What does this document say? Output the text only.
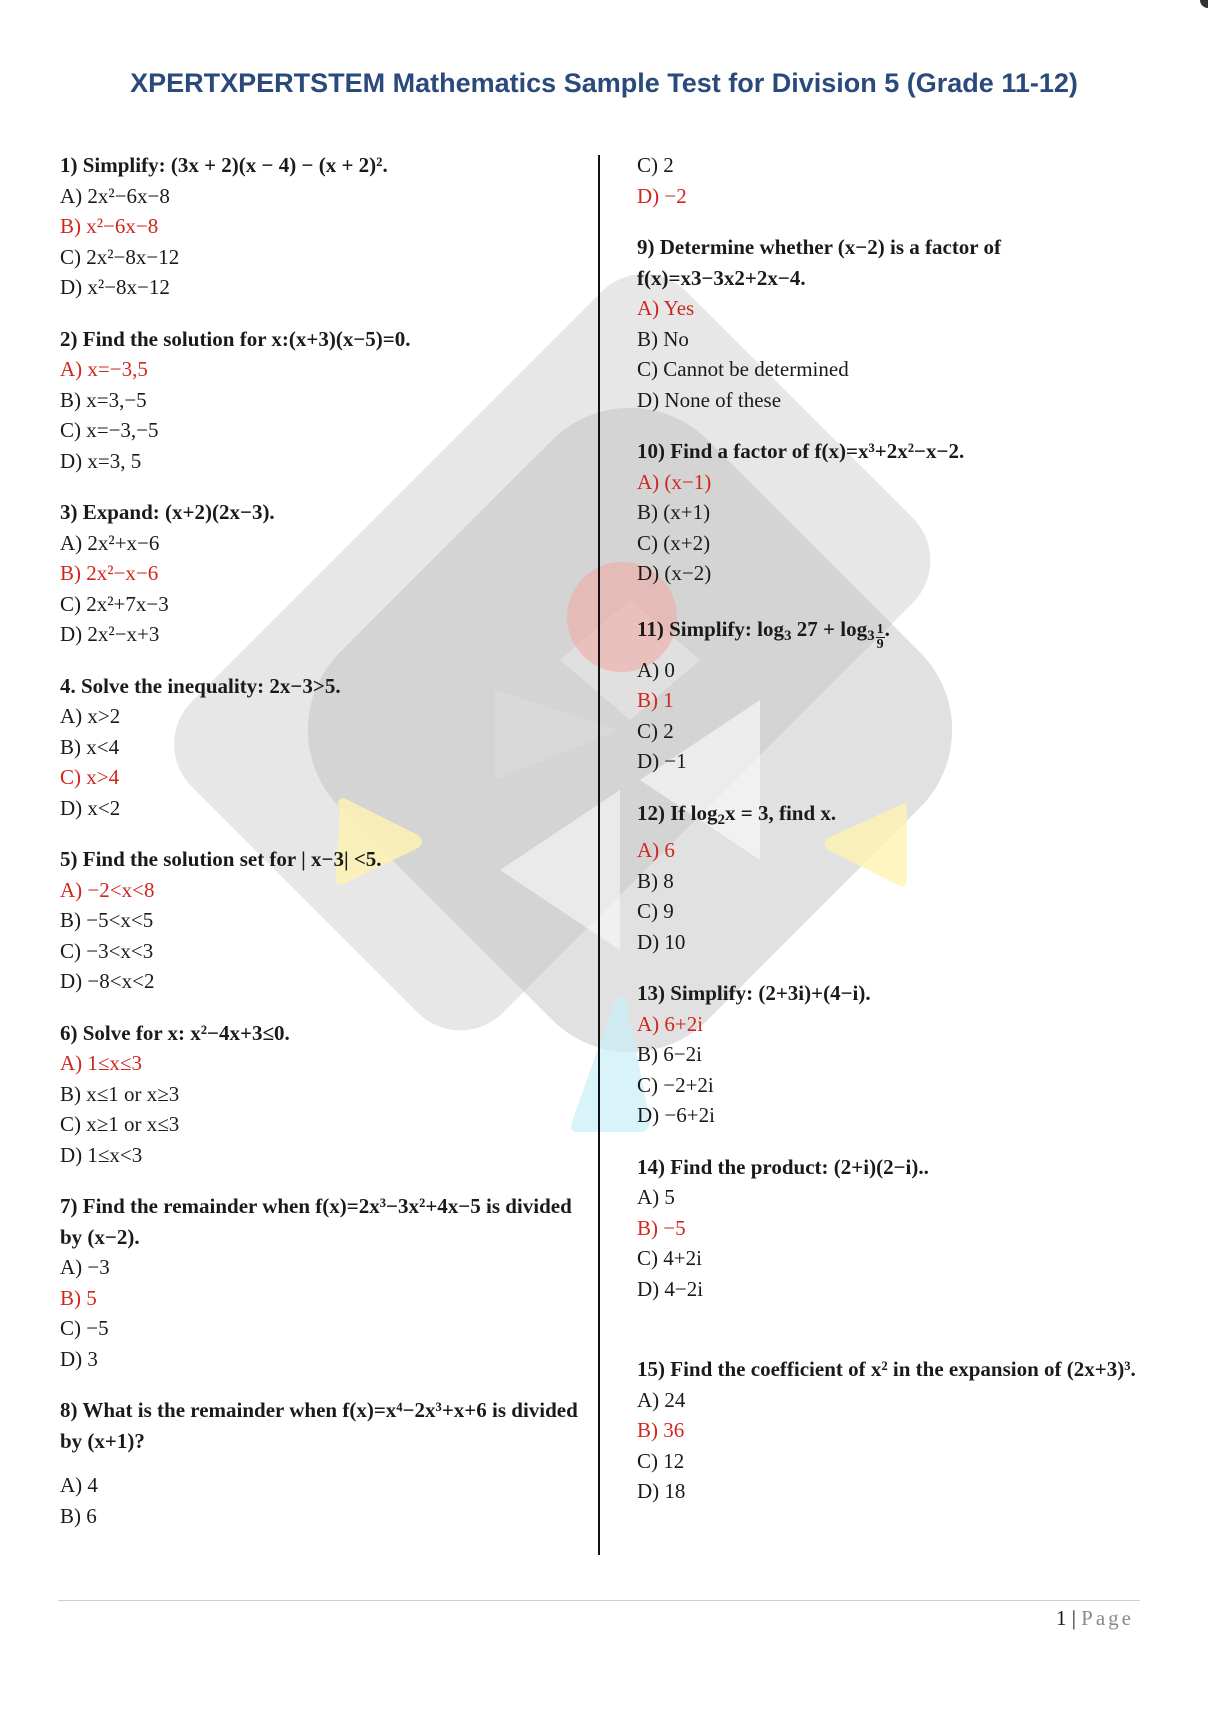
XPERTXPERTSTEM Mathematics Sample Test for Division 5 (Grade 11-12)
1) Simplify: (3x + 2)(x − 4) − (x + 2)².
A) 2x²−6x−8
B) x²−6x−8
C) 2x²−8x−12
D) x²−8x−12
2) Find the solution for x:(x+3)(x−5)=0.
A) x=−3,5
B) x=3,−5
C) x=−3,−5
D) x=3, 5
3) Expand: (x+2)(2x−3).
A) 2x²+x−6
B) 2x²−x−6
C) 2x²+7x−3
D) 2x²−x+3
4. Solve the inequality: 2x−3>5.
A) x>2
B) x<4
C) x>4
D) x<2
5) Find the solution set for | x−3| <5.
A) −2<x<8
B) −5<x<5
C) −3<x<3
D) −8<x<2
6) Solve for x: x²−4x+3≤0.
A) 1≤x≤3
B) x≤1 or x≥3
C) x≥1 or x≤3
D) 1≤x<3
7) Find the remainder when f(x)=2x³−3x²+4x−5 is divided by (x−2).
A) −3
B) 5
C) −5
D) 3
8) What is the remainder when f(x)=x⁴−2x³+x+6 is divided by (x+1)?
A) 4
B) 6
C) 2
D) −2
9) Determine whether (x−2) is a factor of f(x)=x3−3x2+2x−4.
A) Yes
B) No
C) Cannot be determined
D) None of these
10) Find a factor of f(x)=x³+2x²−x−2.
A) (x−1)
B) (x+1)
C) (x+2)
D) (x−2)
11) Simplify: $\log_3 27 + \log_3 \frac{1}{9}$ .
A) 0
B) 1
C) 2
D) −1
12) If $\log_2x = 3$, find x.
A) 6
B) 8
C) 9
D) 10
13) Simplify: (2+3i)+(4−i).
A) 6+2i
B) 6−2i
C) −2+2i
D) −6+2i
14) Find the product: (2+i)(2−i)..
A) 5
B) −5
C) 4+2i
D) 4−2i
15) Find the coefficient of x² in the expansion of (2x+3)³.
A) 24
B) 36
C) 12
D) 18
1 | Page
